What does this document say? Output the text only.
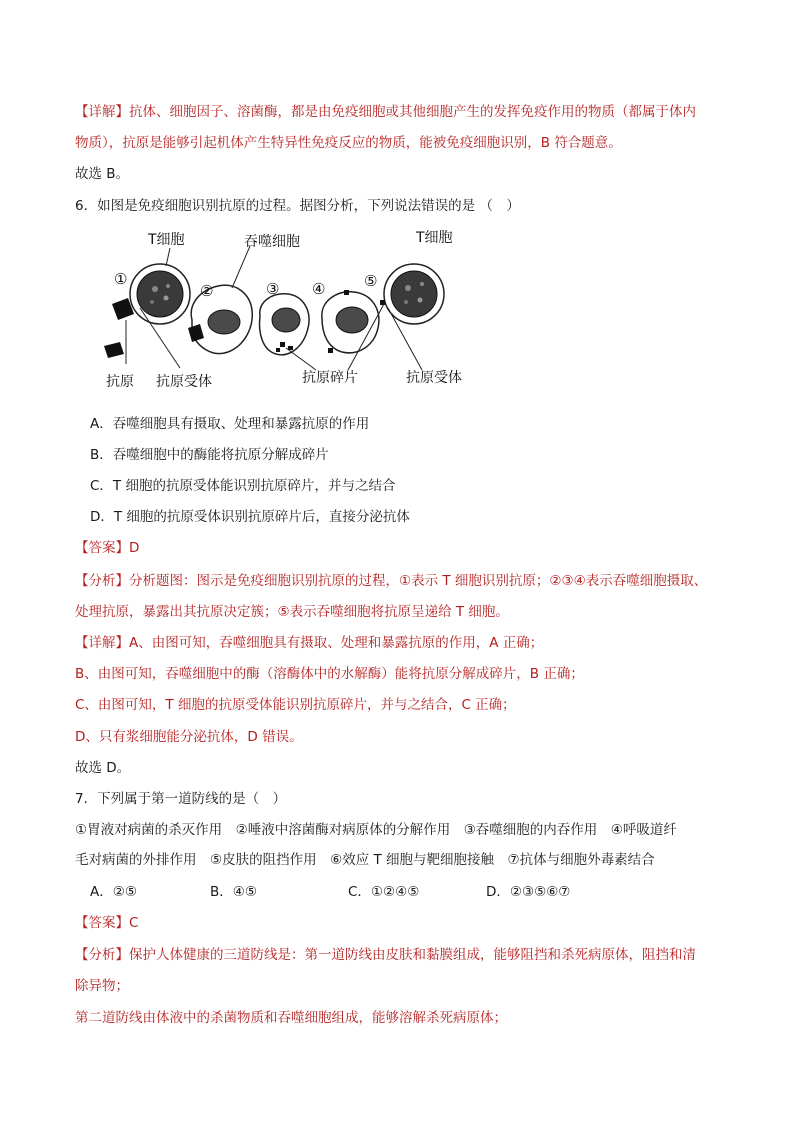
【详解】抗体、细胞因子、溶菌酶，都是由免疫细胞或其他细胞产生的发挥免疫作用的物质（都属于体内
物质），抗原是能够引起机体产生特异性免疫反应的物质，能被免疫细胞识别，B 符合题意。
故选 B。
6．如图是免疫细胞识别抗原的过程。据图分析，下列说法错误的是 （　）
①
②	③ ④	⑤
T细胞	吞噬细胞	T细胞
抗原 抗原受体	抗原碎片	抗原受体
A．吞噬细胞具有摄取、处理和暴露抗原的作用
B．吞噬细胞中的酶能将抗原分解成碎片
C．T 细胞的抗原受体能识别抗原碎片，并与之结合
D．T 细胞的抗原受体识别抗原碎片后，直接分泌抗体
【答案】D
【分析】分析题图：图示是免疫细胞识别抗原的过程，①表示 T 细胞识别抗原；②③④表示吞噬细胞摄取、
处理抗原，暴露出其抗原决定簇；⑤表示吞噬细胞将抗原呈递给 T 细胞。
【详解】A、由图可知，吞噬细胞具有摄取、处理和暴露抗原的作用，A 正确；
B、由图可知，吞噬细胞中的酶（溶酶体中的水解酶）能将抗原分解成碎片，B 正确；
C、由图可知，T 细胞的抗原受体能识别抗原碎片，并与之结合，C 正确；
D、只有浆细胞能分泌抗体，D 错误。
故选 D。
7．下列属于第一道防线的是（　）
①胃液对病菌的杀灭作用　②唾液中溶菌酶对病原体的分解作用　③吞噬细胞的内吞作用　④呼吸道纤
毛对病菌的外排作用　⑤皮肤的阻挡作用　⑥效应 T 细胞与靶细胞接触　⑦抗体与细胞外毒素结合
A．②⑤	B．④⑤	C．①②④⑤	D．②③⑤⑥⑦
【答案】C
【分析】保护人体健康的三道防线是：第一道防线由皮肤和黏膜组成，能够阻挡和杀死病原体，阻挡和清
除异物；
第二道防线由体液中的杀菌物质和吞噬细胞组成，能够溶解杀死病原体；
